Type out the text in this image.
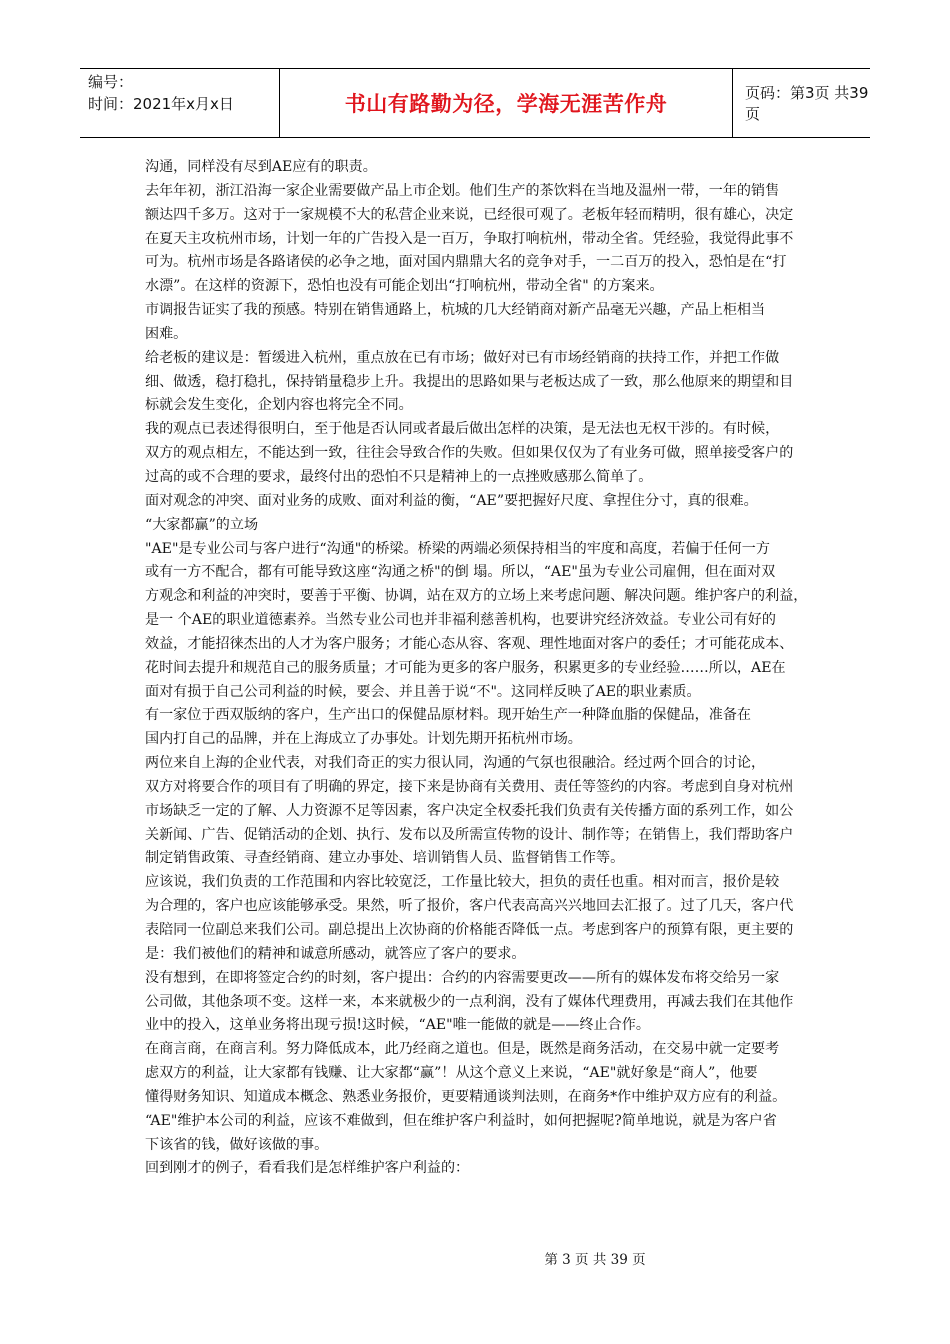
编号：
时间：2021年x月x日	书山有路勤为径，学海无涯苦作舟	页码：第3页 共39页

沟通，同样没有尽到AE应有的职责。

去年年初，浙江沿海一家企业需要做产品上市企划。他们生产的茶饮料在当地及温州一带，一年的销售

额达四千多万。这对于一家规模不大的私营企业来说，已经很可观了。老板年轻而精明，很有雄心，决定

在夏天主攻杭州市场，计划一年的广告投入是一百万，争取打响杭州，带动全省。凭经验，我觉得此事不

可为。杭州市场是各路诸侯的必争之地，面对国内鼎鼎大名的竞争对手，一二百万的投入，恐怕是在“打

水漂”。在这样的资源下，恐怕也没有可能企划出“打响杭州，带动全省" 的方案来。

市调报告证实了我的预感。特别在销售通路上，杭城的几大经销商对新产品毫无兴趣，产品上柜相当

困难。

给老板的建议是：暂缓进入杭州，重点放在已有市场；做好对已有市场经销商的扶持工作，并把工作做

细、做透，稳打稳扎，保持销量稳步上升。我提出的思路如果与老板达成了一致，那么他原来的期望和目

标就会发生变化，企划内容也将完全不同。

我的观点已表述得很明白，至于他是否认同或者最后做出怎样的决策，是无法也无权干涉的。有时候，

双方的观点相左，不能达到一致，往往会导致合作的失败。但如果仅仅为了有业务可做，照单接受客户的

过高的或不合理的要求，最终付出的恐怕不只是精神上的一点挫败感那么简单了。

面对观念的冲突、面对业务的成败、面对利益的衡，“AE”要把握好尺度、拿捏住分寸，真的很难。

“大家都赢”的立场

"AE"是专业公司与客户进行“沟通"的桥梁。桥梁的两端必须保持相当的牢度和高度，若偏于任何一方

或有一方不配合，都有可能导致这座“沟通之桥"的倒 塌。所以，“AE"虽为专业公司雇佣，但在面对双

方观念和利益的冲突时，要善于平衡、协调，站在双方的立场上来考虑问题、解决问题。维护客户的利益，

是一 个AE的职业道德素养。当然专业公司也并非福利慈善机构，也要讲究经济效益。专业公司有好的

效益，才能招徕杰出的人才为客户服务；才能心态从容、客观、理性地面对客户的委任；才可能花成本、

花时间去提升和规范自己的服务质量；才可能为更多的客户服务，积累更多的专业经验……所以，AE在

面对有损于自己公司利益的时候，要会、并且善于说“不"。这同样反映了AE的职业素质。

有一家位于西双版纳的客户，生产出口的保健品原材料。现开始生产一种降血脂的保健品，准备在

国内打自己的品牌，并在上海成立了办事处。计划先期开拓杭州市场。

两位来自上海的企业代表，对我们奇正的实力很认同，沟通的气氛也很融洽。经过两个回合的讨论，

双方对将要合作的项目有了明确的界定，接下来是协商有关费用、责任等签约的内容。考虑到自身对杭州

市场缺乏一定的了解、人力资源不足等因素，客户决定全权委托我们负责有关传播方面的系列工作，如公

关新闻、广告、促销活动的企划、执行、发布以及所需宣传物的设计、制作等；在销售上，我们帮助客户

制定销售政策、寻查经销商、建立办事处、培训销售人员、监督销售工作等。

应该说，我们负责的工作范围和内容比较宽泛，工作量比较大，担负的责任也重。相对而言，报价是较

为合理的，客户也应该能够承受。果然，听了报价，客户代表高高兴兴地回去汇报了。过了几天，客户代

表陪同一位副总来我们公司。副总提出上次协商的价格能否降低一点。考虑到客户的预算有限，更主要的

是：我们被他们的精神和诚意所感动，就答应了客户的要求。

没有想到，在即将签定合约的时刻，客户提出：合约的内容需要更改——所有的媒体发布将交给另一家

公司做，其他条项不变。这样一来，本来就极少的一点利润，没有了媒体代理费用，再减去我们在其他作

业中的投入，这单业务将出现亏损!这时候，“AE"唯一能做的就是——终止合作。

在商言商，在商言利。努力降低成本，此乃经商之道也。但是，既然是商务活动，在交易中就一定要考

虑双方的利益，让大家都有钱赚、让大家都“赢”！从这个意义上来说，“AE"就好象是“商人”，他要

懂得财务知识、知道成本概念、熟悉业务报价，更要精通谈判法则，在商务*作中维护双方应有的利益。

“AE"维护本公司的利益，应该不难做到，但在维护客户利益时，如何把握呢?简单地说，就是为客户省

下该省的钱，做好该做的事。

回到刚才的例子，看看我们是怎样维护客户利益的：

第 3 页 共 39 页
